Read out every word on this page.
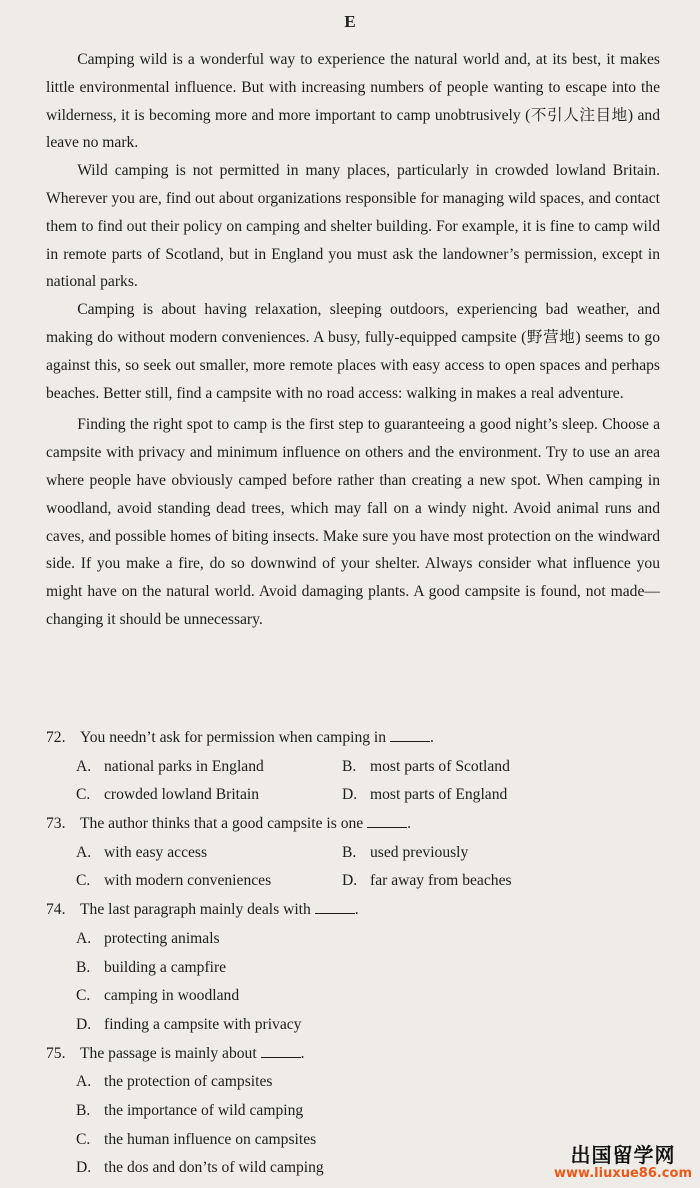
E

Camping wild is a wonderful way to experience the natural world and, at its best, it makes little environmental influence. But with increasing numbers of people wanting to escape into the wilderness, it is becoming more and more important to camp unobtrusively (不引人注目地) and leave no mark.

Wild camping is not permitted in many places, particularly in crowded lowland Britain. Wherever you are, find out about organizations responsible for managing wild spaces, and contact them to find out their policy on camping and shelter building. For example, it is fine to camp wild in remote parts of Scotland, but in England you must ask the landowner’s permission, except in national parks.

Camping is about having relaxation, sleeping outdoors, experiencing bad weather, and making do without modern conveniences. A busy, fully-equipped campsite (野营地) seems to go against this, so seek out smaller, more remote places with easy access to open spaces and perhaps beaches. Better still, find a campsite with no road access: walking in makes a real adventure.

Finding the right spot to camp is the first step to guaranteeing a good night’s sleep. Choose a campsite with privacy and minimum influence on others and the environment. Try to use an area where people have obviously camped before rather than creating a new spot. When camping in woodland, avoid standing dead trees, which may fall on a windy night. Avoid animal runs and caves, and possible homes of biting insects. Make sure you have most protection on the windward side. If you make a fire, do so downwind of your shelter. Always consider what influence you might have on the natural world. Avoid damaging plants. A good campsite is found, not made—changing it should be unnecessary.

72. You needn’t ask for permission when camping in	.
A. national parks in England	B. most parts of Scotland
C. crowded lowland Britain	D. most parts of England
73. The author thinks that a good campsite is one	.
A. with easy access	B. used previously
C. with modern conveniences	D. far away from beaches
74. The last paragraph mainly deals with	.
A. protecting animals
B. building a campfire
C. camping in woodland
D. finding a campsite with privacy
75. The passage is mainly about	.
A. the protection of campsites
B. the importance of wild camping
C. the human influence on campsites
D. the dos and don’ts of wild camping
出国留学网
www.liuxue86.com
